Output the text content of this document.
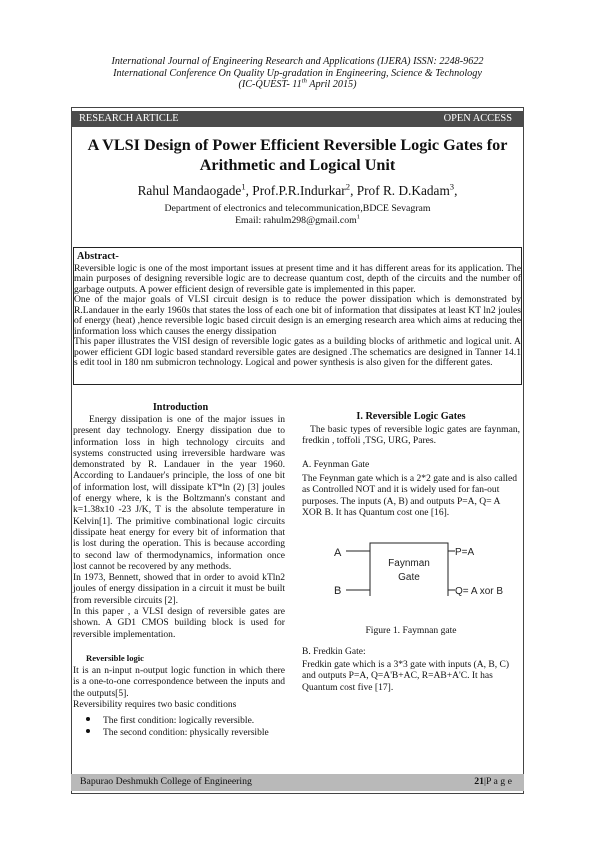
International Journal of Engineering Research and Applications (IJERA) ISSN: 2248-9622
International Conference On Quality Up-gradation in Engineering, Science & Technology
(IC-QUEST- 11th April 2015)
RESEARCH ARTICLE	OPEN ACCESS
A VLSI Design of Power Efficient Reversible Logic Gates for
Arithmetic and Logical Unit
Rahul Mandaogade$^1$, Prof.P.R.Indurkar$^2$, Prof R. D.Kadam$^3$,
Department of electronics and telecommunication,BDCE Sevagram
Email: rahulm298@gmail.com$^1$
Abstract-

Reversible logic is one of the most important issues at present time and it has different areas for its application. The main purposes of designing reversible logic are to decrease quantum cost, depth of the circuits and the number of garbage outputs. A power efficient design of reversible gate is implemented in this paper.

One of the major goals of VLSI circuit design is to reduce the power dissipation which is demonstrated by R.Landauer in the early 1960s that states the loss of each one bit of information that dissipates at least KT ln2 joules of energy (heat) ,hence reversible logic based circuit design is an emerging research area which aims at reducing the information loss which causes the energy dissipation

This paper illustrates the VlSI design of reversible logic gates as a building blocks of arithmetic and logical unit. A power efficient GDI logic based standard reversible gates are designed .The schematics are designed in Tanner 14.1 s edit tool in 180 nm submicron technology. Logical and power synthesis is also given for the different gates.

Introduction

Energy dissipation is one of the major issues in present day technology. Energy dissipation due to information loss in high technology circuits and systems constructed using irreversible hardware was demonstrated by R. Landauer in the year 1960. According to Landauer's principle, the loss of one bit of information lost, will dissipate kT*ln (2) [3] joules of energy where, k is the Boltzmann's constant and k=1.38x10 -23 J/K, T is the absolute temperature in Kelvin[1]. The primitive combinational logic circuits dissipate heat energy for every bit of information that is lost during the operation. This is because according to second law of thermodynamics, information once lost cannot be recovered by any methods.

In 1973, Bennett, showed that in order to avoid kTln2 joules of energy dissipation in a circuit it must be built from reversible circuits [2].

In this paper , a VLSI design of reversible gates are shown. A GD1 CMOS building block is used for reversible implementation.

Reversible logic

It is an n-input n-output logic function in which there is a one-to-one correspondence between the inputs and the outputs[5].

Reversibility requires two basic conditions

The first condition: logically reversible.
The second condition: physically reversible
I. Reversible Logic Gates

The basic types of reversible logic gates are faynman, fredkin , toffoli ,TSG, URG, Pares.

A. Feynman Gate
The Feynman gate which is a 2*2 gate and is also called as Controlled NOT and it is widely used for fan-out purposes. The inputs (A, B) and outputs P=A, Q= A XOR B. It has Quantum cost one [16].
A
B
Faynman
Gate
P=A
Q= A xor B
Figure 1. Faymnan gate
B. Fredkin Gate:
Fredkin gate which is a 3*3 gate with inputs (A, B, C) and outputs P=A, Q=A'B+AC, R=AB+A'C. It has Quantum cost five [17].
Bapurao Deshmukh College of Engineering	21|P a g e
